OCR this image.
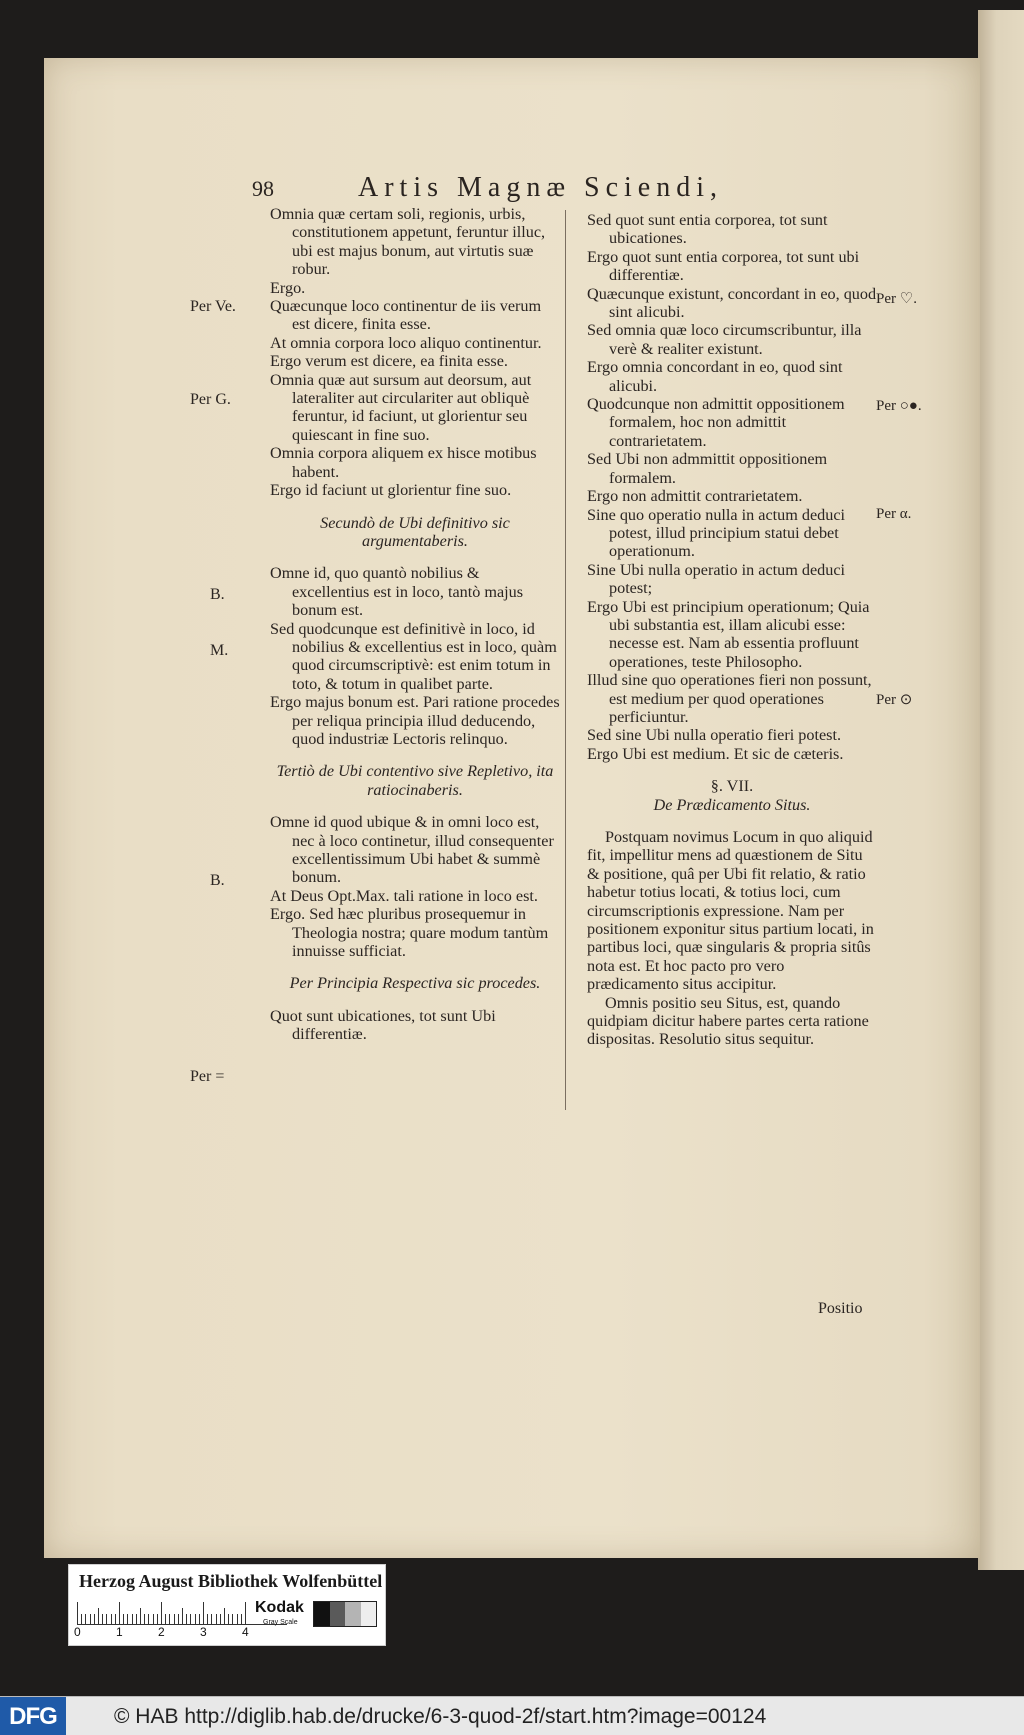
98	Artis Magnæ Sciendi,

Omnia quæ certam soli, regionis, urbis, constitutionem appetunt, feruntur illuc, ubi est majus bonum, aut virtutis suæ robur.

Ergo.

Quæcunque loco continentur de iis verum est dicere, finita esse.

At omnia corpora loco aliquo continentur.

Ergo verum est dicere, ea finita esse.

Omnia quæ aut sursum aut deorsum, aut lateraliter aut circulariter aut obliquè feruntur, id faciunt, ut glorientur seu quiescant in fine suo.

Omnia corpora aliquem ex hisce motibus habent.

Ergo id faciunt ut glorientur fine suo.

Secundò de Ubi definitivo sic argumentaberis.

Omne id, quo quantò nobilius & excellentius est in loco, tantò majus bonum est.

Sed quodcunque est definitivè in loco, id nobilius & excellentius est in loco, quàm quod circumscriptivè: est enim totum in toto, & totum in qualibet parte.

Ergo majus bonum est. Pari ratione procedes per reliqua principia illud deducendo, quod industriæ Lectoris relinquo.

Tertiò de Ubi contentivo sive Repletivo, ita ratiocinaberis.

Omne id quod ubique & in omni loco est, nec à loco continetur, illud consequenter excellentissimum Ubi habet & summè bonum.

At Deus Opt.Max. tali ratione in loco est.

Ergo. Sed hæc pluribus prosequemur in Theologia nostra; quare modum tantùm innuisse sufficiat.

Per Principia Respectiva sic procedes.

Quot sunt ubicationes, tot sunt Ubi differentiæ.

Sed quot sunt entia corporea, tot sunt ubicationes.

Ergo quot sunt entia corporea, tot sunt ubi differentiæ.

Quæcunque existunt, concordant in eo, quod sint alicubi.

Sed omnia quæ loco circumscribuntur, illa verè & realiter existunt.

Ergo omnia concordant in eo, quod sint alicubi.

Quodcunque non admittit oppositionem formalem, hoc non admittit contrarietatem.

Sed Ubi non admmittit oppositionem formalem.

Ergo non admittit contrarietatem.

Sine quo operatio nulla in actum deduci potest, illud principium statui debet operationum.

Sine Ubi nulla operatio in actum deduci potest;

Ergo Ubi est principium operationum; Quia ubi substantia est, illam alicubi esse: necesse est. Nam ab essentia profluunt operationes, teste Philosopho.

Illud sine quo operationes fieri non possunt, est medium per quod operationes perficiuntur.

Sed sine Ubi nulla operatio fieri potest.

Ergo Ubi est medium. Et sic de cæteris.

§. VII.

De Prædicamento Situs.

Postquam novimus Locum in quo aliquid fit, impellitur mens ad quæstionem de Situ & positione, quâ per Ubi fit relatio, & ratio habetur totius locati, & totius loci, cum circumscriptionis expressione. Nam per positionem exponitur situs partium locati, in partibus loci, quæ singularis & propria sitûs nota est. Et hoc pacto pro vero prædicamento situs accipitur.

Omnis positio seu Situs, est, quando quidpiam dicitur habere partes certa ratione dispositas. Resolutio situs sequitur.

Per Ve.
Per G.
B.
M.
B.
Per =
Per ♡.
Per ○●.
Per α.
Per ⊙
Positio
Herzog August Bibliothek Wolfenbüttel
0	1	2	3	4
Kodak
Gray Scale
DFG	© HAB http://diglib.hab.de/drucke/6-3-quod-2f/start.htm?image=00124
